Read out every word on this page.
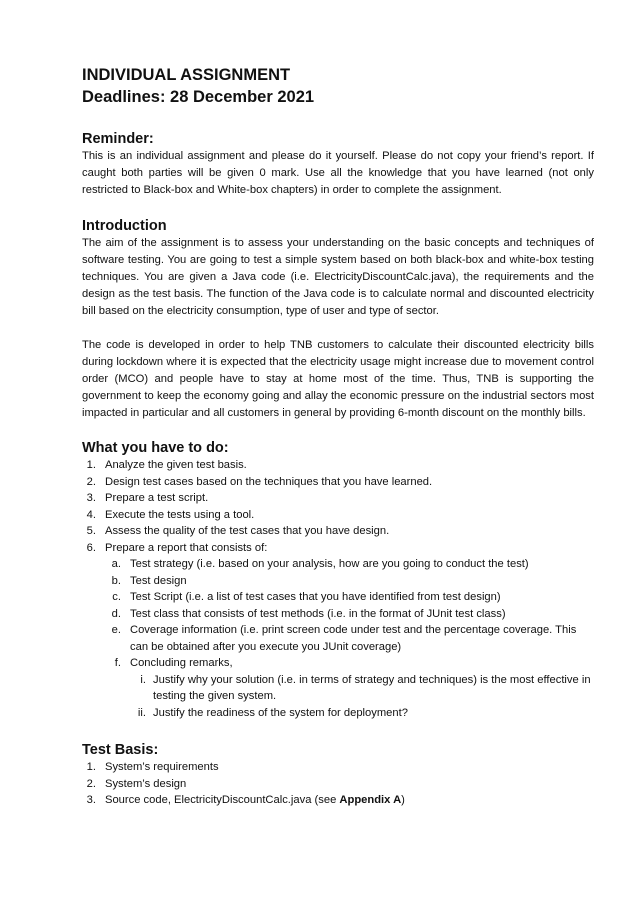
INDIVIDUAL ASSIGNMENT
Deadlines: 28 December 2021
Reminder:

This is an individual assignment and please do it yourself. Please do not copy your friend’s report. If caught both parties will be given 0 mark. Use all the knowledge that you have learned (not only restricted to Black-box and White-box chapters) in order to complete the assignment.

Introduction

The aim of the assignment is to assess your understanding on the basic concepts and techniques of software testing. You are going to test a simple system based on both black-box and white-box testing techniques. You are given a Java code (i.e. ElectricityDiscountCalc.java), the requirements and the design as the test basis. The function of the Java code is to calculate normal and discounted electricity bill based on the electricity consumption, type of user and type of sector.

The code is developed in order to help TNB customers to calculate their discounted electricity bills during lockdown where it is expected that the electricity usage might increase due to movement control order (MCO) and people have to stay at home most of the time. Thus, TNB is supporting the government to keep the economy going and allay the economic pressure on the industrial sectors most impacted in particular and all customers in general by providing 6-month discount on the monthly bills.

What you have to do:
1. Analyze the given test basis.
2. Design test cases based on the techniques that you have learned.
3. Prepare a test script.
4. Execute the tests using a tool.
5. Assess the quality of the test cases that you have design.
6. Prepare a report that consists of:
a. Test strategy (i.e. based on your analysis, how are you going to conduct the test)
b. Test design
c. Test Script (i.e. a list of test cases that you have identified from test design)
d. Test class that consists of test methods (i.e. in the format of JUnit test class)
e. Coverage information (i.e. print screen code under test and the percentage coverage. This can be obtained after you execute you JUnit coverage)
f. Concluding remarks,
i. Justify why your solution (i.e. in terms of strategy and techniques) is the most effective in testing the given system.
ii. Justify the readiness of the system for deployment?
Test Basis:
1. System’s requirements
2. System’s design
3. Source code, ElectricityDiscountCalc.java (see Appendix A)
